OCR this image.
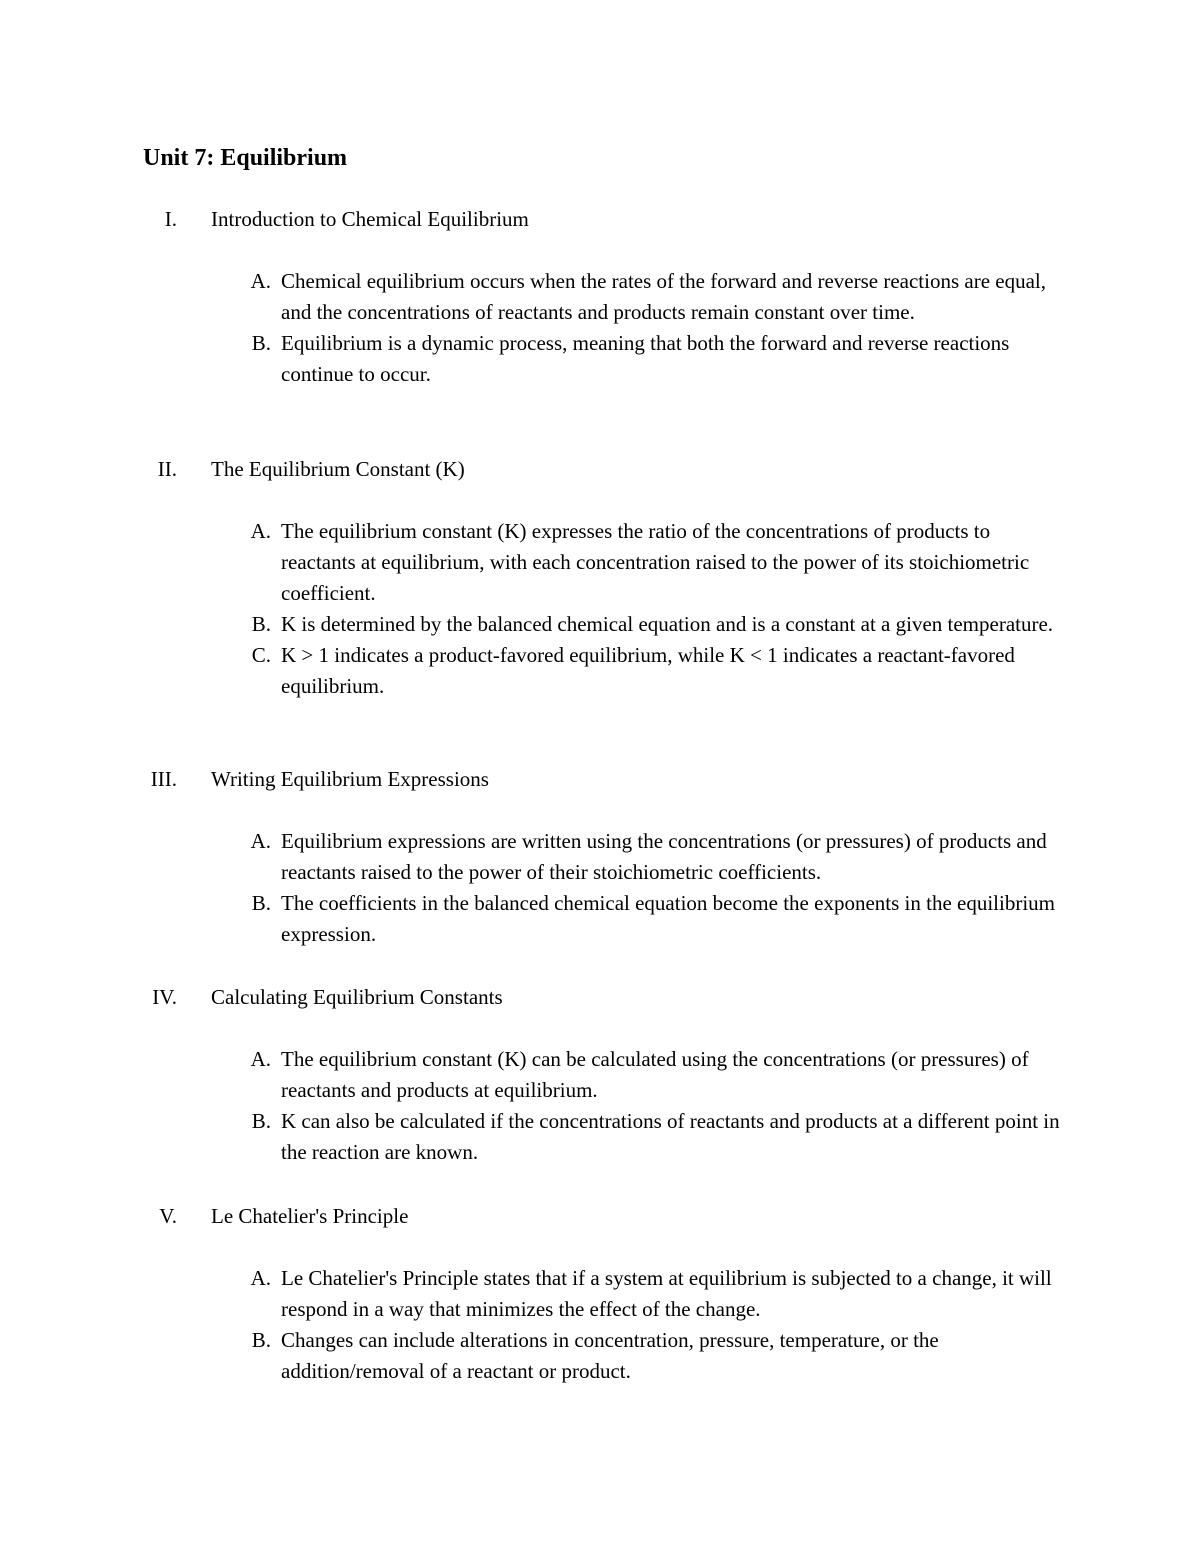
Unit 7: Equilibrium
I. Introduction to Chemical Equilibrium
A. Chemical equilibrium occurs when the rates of the forward and reverse reactions are equal, and the concentrations of reactants and products remain constant over time.
B. Equilibrium is a dynamic process, meaning that both the forward and reverse reactions continue to occur.
II. The Equilibrium Constant (K)
A. The equilibrium constant (K) expresses the ratio of the concentrations of products to reactants at equilibrium, with each concentration raised to the power of its stoichiometric coefficient.
B. K is determined by the balanced chemical equation and is a constant at a given temperature.
C. K > 1 indicates a product-favored equilibrium, while K < 1 indicates a reactant-favored equilibrium.
III. Writing Equilibrium Expressions
A. Equilibrium expressions are written using the concentrations (or pressures) of products and reactants raised to the power of their stoichiometric coefficients.
B. The coefficients in the balanced chemical equation become the exponents in the equilibrium expression.
IV. Calculating Equilibrium Constants
A. The equilibrium constant (K) can be calculated using the concentrations (or pressures) of reactants and products at equilibrium.
B. K can also be calculated if the concentrations of reactants and products at a different point in the reaction are known.
V. Le Chatelier's Principle
A. Le Chatelier's Principle states that if a system at equilibrium is subjected to a change, it will respond in a way that minimizes the effect of the change.
B. Changes can include alterations in concentration, pressure, temperature, or the addition/removal of a reactant or product.
